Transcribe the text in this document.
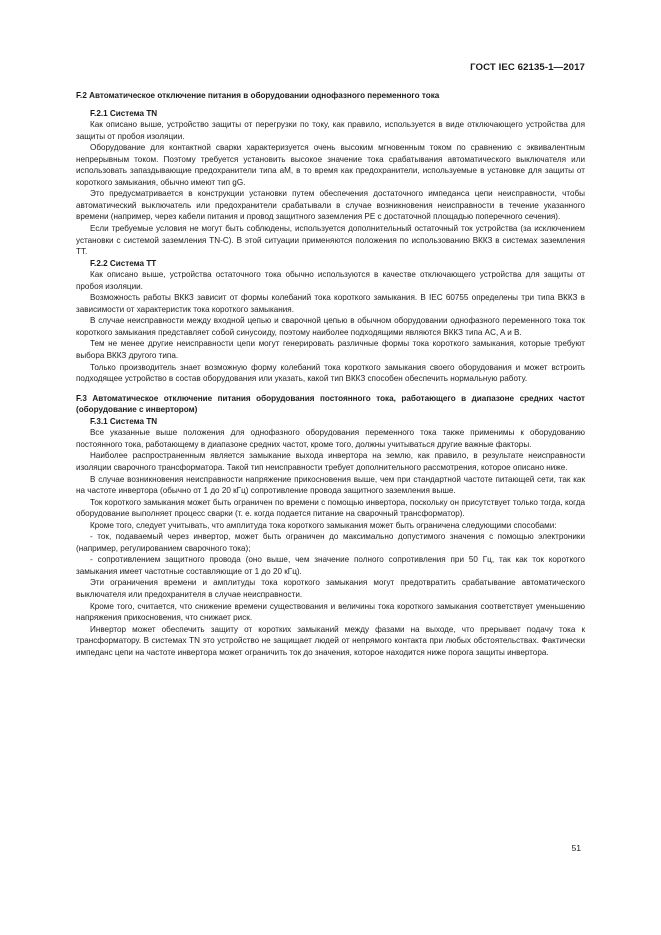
ГОСТ IEC 62135-1—2017

F.2 Автоматическое отключение питания в оборудовании однофазного переменного тока

F.2.1 Система TN

Как описано выше, устройство защиты от перегрузки по току, как правило, используется в виде отключающего устройства для защиты от пробоя изоляции.

Оборудование для контактной сварки характеризуется очень высоким мгновенным током по сравнению с эквивалентным непрерывным током. Поэтому требуется установить высокое значение тока срабатывания автоматического выключателя или использовать запаздывающие предохранители типа aM, в то время как предохранители, используемые в установке для защиты от короткого замыкания, обычно имеют тип gG.

Это предусматривается в конструкции установки путем обеспечения достаточного импеданса цепи неисправности, чтобы автоматический выключатель или предохранители срабатывали в случае возникновения неисправности в течение указанного времени (например, через кабели питания и провод защитного заземления PE с достаточной площадью поперечного сечения).

Если требуемые условия не могут быть соблюдены, используется дополнительный остаточный ток устройства (за исключением установки с системой заземления TN-C). В этой ситуации применяются положения по использованию ВККЗ в системах заземления TT.

F.2.2 Система TT

Как описано выше, устройства остаточного тока обычно используются в качестве отключающего устройства для защиты от пробоя изоляции.

Возможность работы ВККЗ зависит от формы колебаний тока короткого замыкания. В IEC 60755 определены три типа ВККЗ в зависимости от характеристик тока короткого замыкания.

В случае неисправности между входной цепью и сварочной цепью в обычном оборудовании однофазного переменного тока ток короткого замыкания представляет собой синусоиду, поэтому наиболее подходящими являются ВККЗ типа AC, A и B.

Тем не менее другие неисправности цепи могут генерировать различные формы тока короткого замыкания, которые требуют выбора ВККЗ другого типа.

Только производитель знает возможную форму колебаний тока короткого замыкания своего оборудования и может встроить подходящее устройство в состав оборудования или указать, какой тип ВККЗ способен обеспечить нормальную работу.

F.3 Автоматическое отключение питания оборудования постоянного тока, работающего в диапазоне средних частот (оборудование с инвертором)

F.3.1 Система TN

Все указанные выше положения для однофазного оборудования переменного тока также применимы к оборудованию постоянного тока, работающему в диапазоне средних частот, кроме того, должны учитываться другие важные факторы.

Наиболее распространенным является замыкание выхода инвертора на землю, как правило, в результате неисправности изоляции сварочного трансформатора. Такой тип неисправности требует дополнительного рассмотрения, которое описано ниже.

В случае возникновения неисправности напряжение прикосновения выше, чем при стандартной частоте питающей сети, так как на частоте инвертора (обычно от 1 до 20 кГц) сопротивление провода защитного заземления выше.

Ток короткого замыкания может быть ограничен по времени с помощью инвертора, поскольку он присутствует только тогда, когда оборудование выполняет процесс сварки (т. е. когда подается питание на сварочный трансформатор).

Кроме того, следует учитывать, что амплитуда тока короткого замыкания может быть ограничена следующими способами:

- ток, подаваемый через инвертор, может быть ограничен до максимально допустимого значения с помощью электроники (например, регулированием сварочного тока);

- сопротивлением защитного провода (оно выше, чем значение полного сопротивления при 50 Гц, так как ток короткого замыкания имеет частотные составляющие от 1 до 20 кГц).

Эти ограничения времени и амплитуды тока короткого замыкания могут предотвратить срабатывание автоматического выключателя или предохранителя в случае неисправности.

Кроме того, считается, что снижение времени существования и величины тока короткого замыкания соответствует уменьшению напряжения прикосновения, что снижает риск.

Инвертор может обеспечить защиту от коротких замыканий между фазами на выходе, что прерывает подачу тока к трансформатору. В системах TN это устройство не защищает людей от непрямого контакта при любых обстоятельствах. Фактически импеданс цепи на частоте инвертора может ограничить ток до значения, которое находится ниже порога защиты инвертора.

51
